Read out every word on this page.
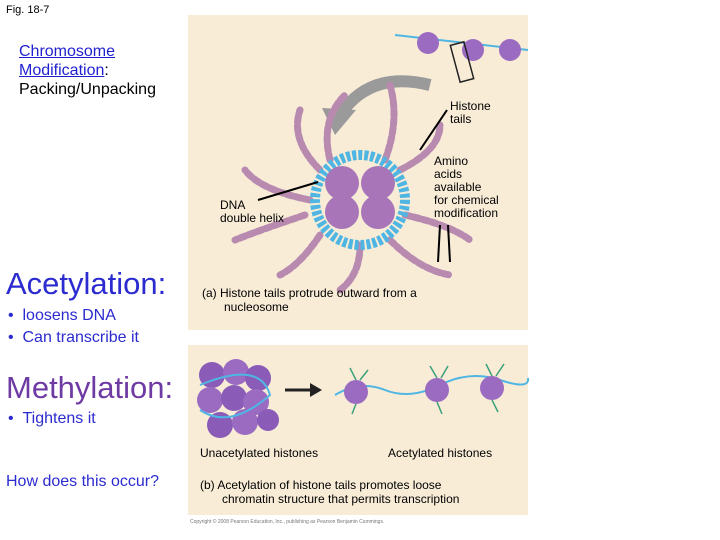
Fig. 18-7
Chromosome
Modification:
Packing/Unpacking
Histone
tails
Amino
acids
available
for chemical
modification
DNA
double helix
(a) Histone tails protrude outward from a
nucleosome
Acetylation:
•  loosens DNA
•  Can transcribe it
Methylation:
•  Tightens it
Unacetylated histones	Acetylated histones
How does this occur?	(b) Acetylation of histone tails promotes loose
chromatin structure that permits transcription
Copyright © 2008 Pearson Education, Inc., publishing as Pearson Benjamin Cummings.
